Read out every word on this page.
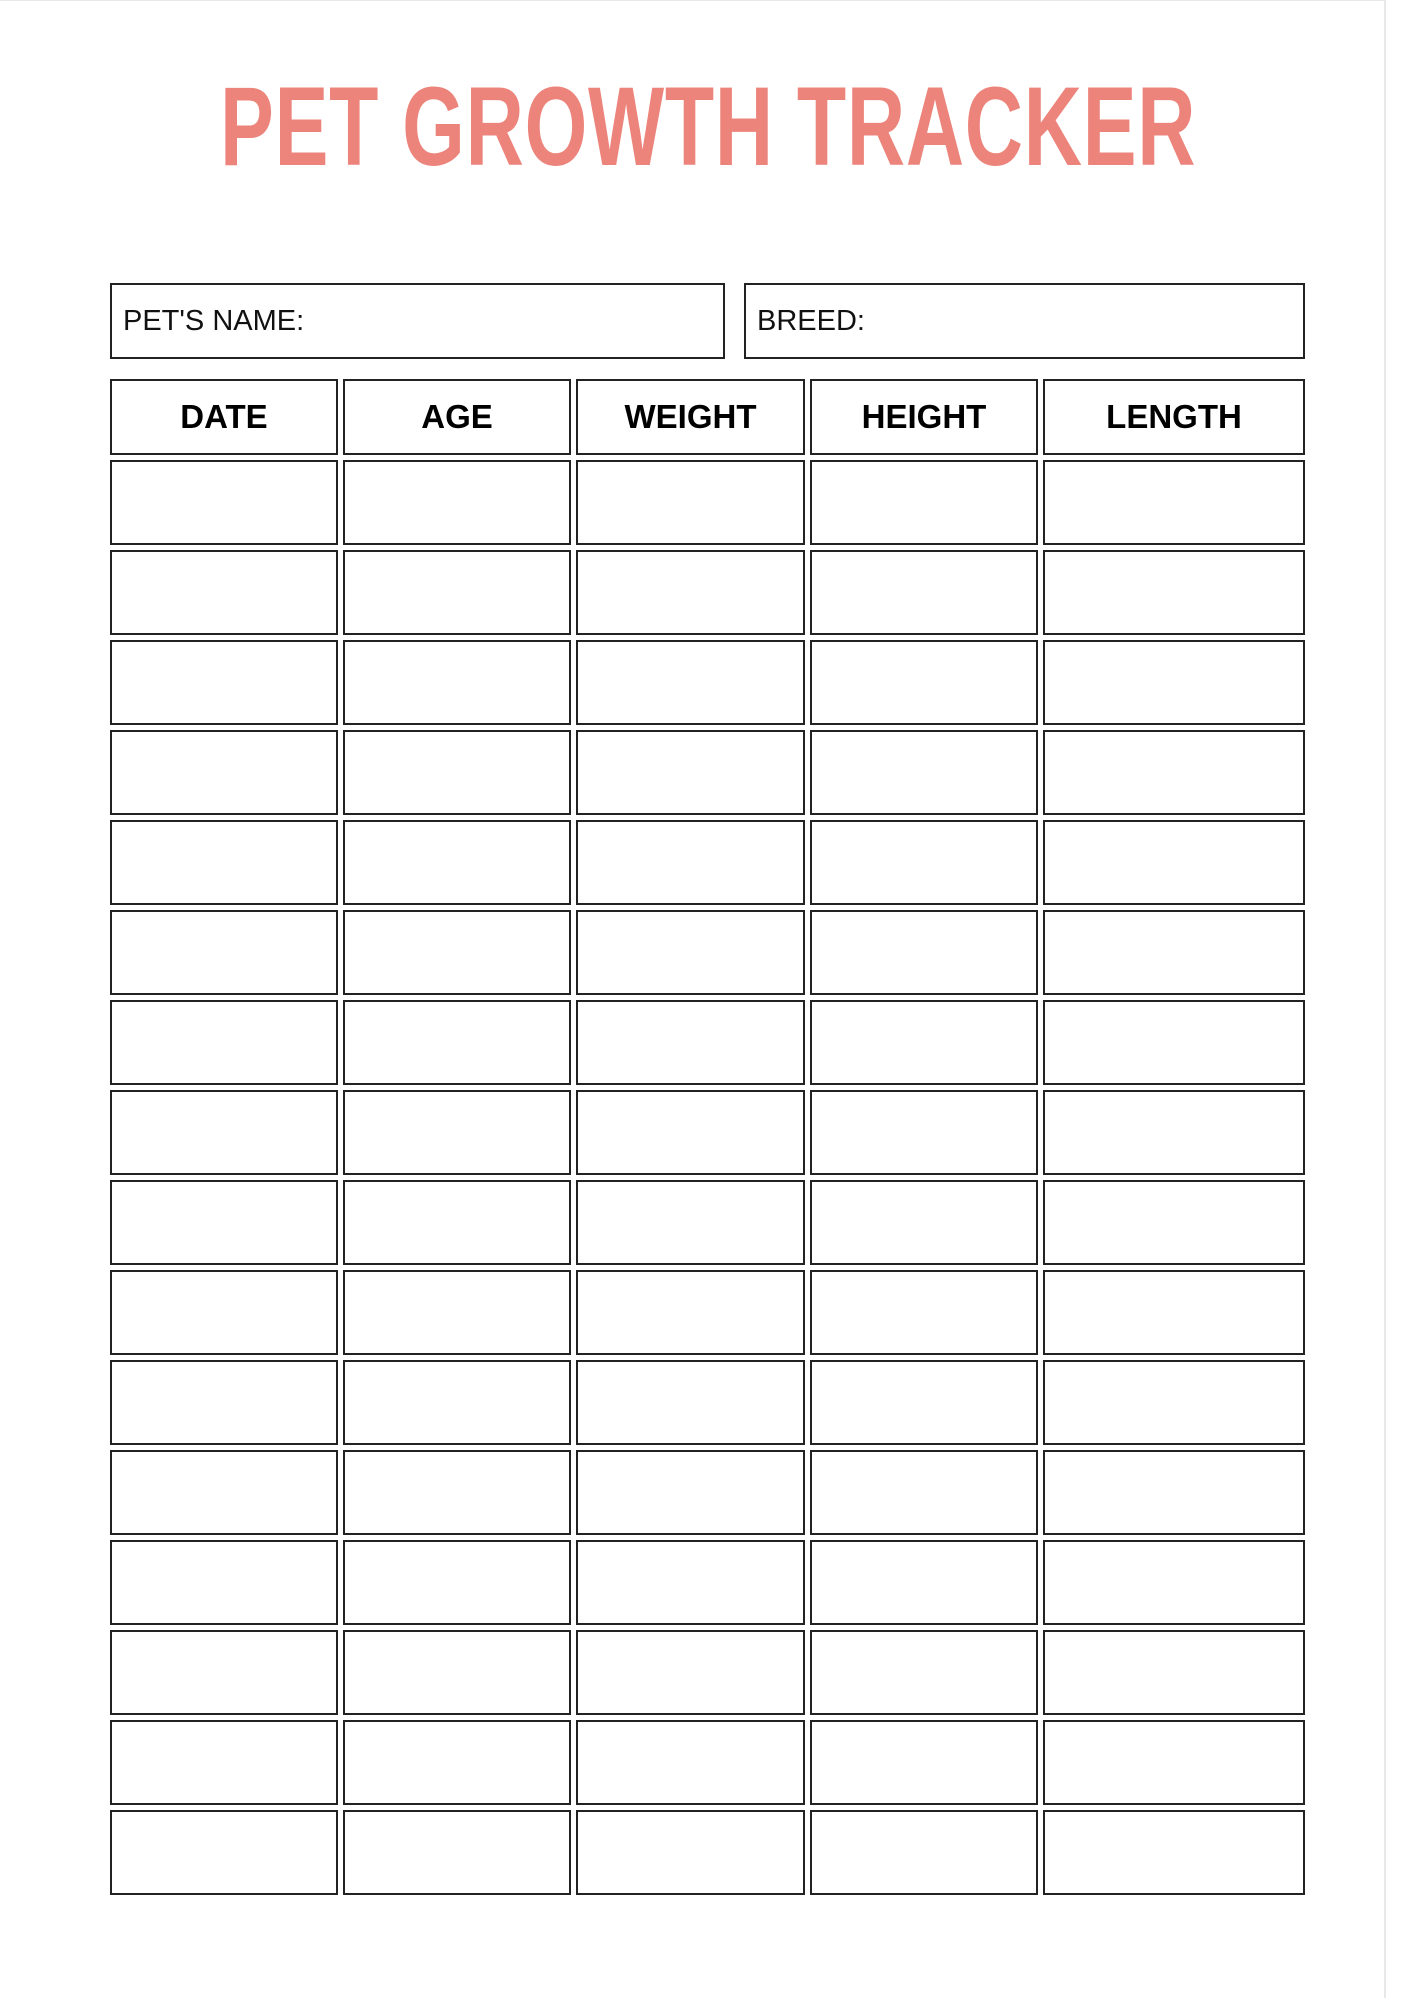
PET GROWTH TRACKER
PET'S NAME:	BREED:
DATE	AGE	WEIGHT	HEIGHT	LENGTH
